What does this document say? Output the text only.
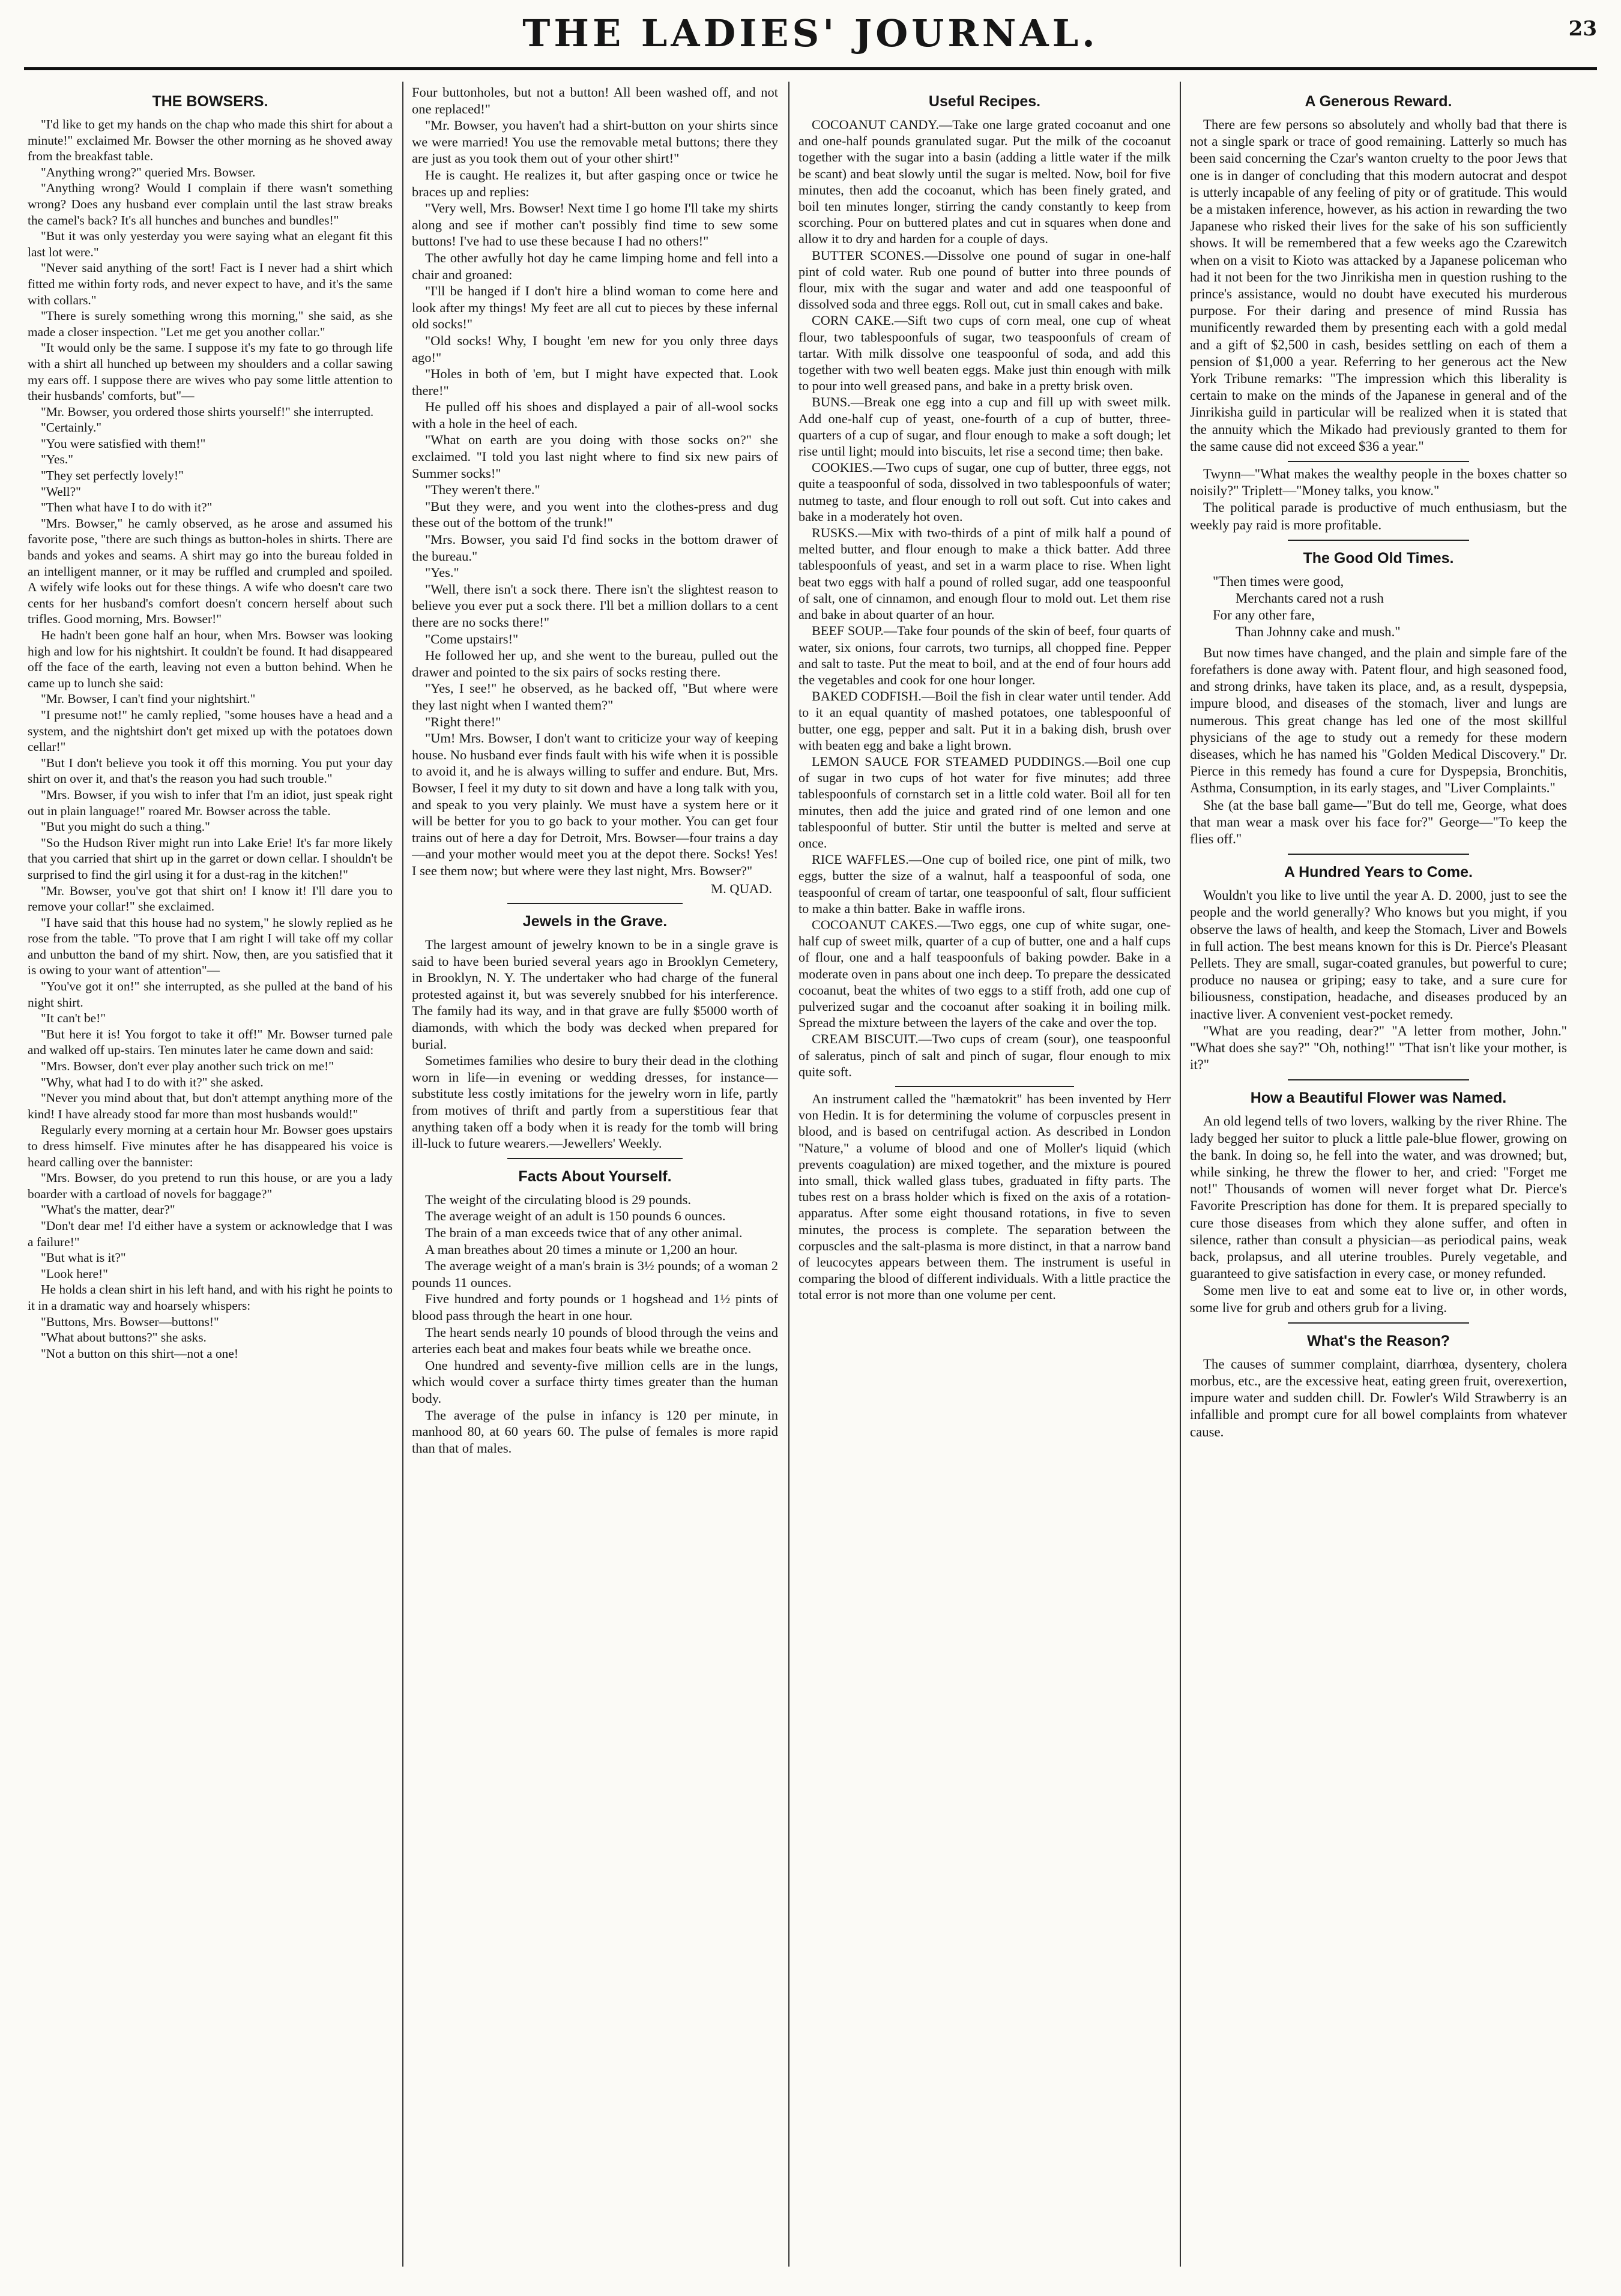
THE LADIES' JOURNAL.	23
THE BOWSERS.

"I'd like to get my hands on the chap who made this shirt for about a minute!" exclaimed Mr. Bowser the other morning as he shoved away from the breakfast table.

"Anything wrong?" queried Mrs. Bowser.

"Anything wrong? Would I complain if there wasn't something wrong? Does any husband ever complain until the last straw breaks the camel's back? It's all hunches and bunches and bundles!"

"But it was only yesterday you were saying what an elegant fit this last lot were."

"Never said anything of the sort! Fact is I never had a shirt which fitted me within forty rods, and never expect to have, and it's the same with collars."

"There is surely something wrong this morning," she said, as she made a closer inspection. "Let me get you another collar."

"It would only be the same. I suppose it's my fate to go through life with a shirt all hunched up between my shoulders and a collar sawing my ears off. I suppose there are wives who pay some little attention to their husbands' comforts, but"—

"Mr. Bowser, you ordered those shirts yourself!" she interrupted.

"Certainly."

"You were satisfied with them!"

"Yes."

"They set perfectly lovely!"

"Well?"

"Then what have I to do with it?"

"Mrs. Bowser," he camly observed, as he arose and assumed his favorite pose, "there are such things as button-holes in shirts. There are bands and yokes and seams. A shirt may go into the bureau folded in an intelligent manner, or it may be ruffled and crumpled and spoiled. A wifely wife looks out for these things. A wife who doesn't care two cents for her husband's comfort doesn't concern herself about such trifles. Good morning, Mrs. Bowser!"

He hadn't been gone half an hour, when Mrs. Bowser was looking high and low for his nightshirt. It couldn't be found. It had disappeared off the face of the earth, leaving not even a button behind. When he came up to lunch she said:

"Mr. Bowser, I can't find your nightshirt."

"I presume not!" he camly replied, "some houses have a head and a system, and the nightshirt don't get mixed up with the potatoes down cellar!"

"But I don't believe you took it off this morning. You put your day shirt on over it, and that's the reason you had such trouble."

"Mrs. Bowser, if you wish to infer that I'm an idiot, just speak right out in plain language!" roared Mr. Bowser across the table.

"But you might do such a thing."

"So the Hudson River might run into Lake Erie! It's far more likely that you carried that shirt up in the garret or down cellar. I shouldn't be surprised to find the girl using it for a dust-rag in the kitchen!"

"Mr. Bowser, you've got that shirt on! I know it! I'll dare you to remove your collar!" she exclaimed.

"I have said that this house had no system," he slowly replied as he rose from the table. "To prove that I am right I will take off my collar and unbutton the band of my shirt. Now, then, are you satisfied that it is owing to your want of attention"—

"You've got it on!" she interrupted, as she pulled at the band of his night shirt.

"It can't be!"

"But here it is! You forgot to take it off!" Mr. Bowser turned pale and walked off up-stairs. Ten minutes later he came down and said:

"Mrs. Bowser, don't ever play another such trick on me!"

"Why, what had I to do with it?" she asked.

"Never you mind about that, but don't attempt anything more of the kind! I have already stood far more than most husbands would!"

Regularly every morning at a certain hour Mr. Bowser goes upstairs to dress himself. Five minutes after he has disappeared his voice is heard calling over the bannister:

"Mrs. Bowser, do you pretend to run this house, or are you a lady boarder with a cartload of novels for baggage?"

"What's the matter, dear?"

"Don't dear me! I'd either have a system or acknowledge that I was a failure!"

"But what is it?"

"Look here!"

He holds a clean shirt in his left hand, and with his right he points to it in a dramatic way and hoarsely whispers:

"Buttons, Mrs. Bowser—buttons!"

"What about buttons?" she asks.

"Not a button on this shirt—not a one!

Four buttonholes, but not a button! All been washed off, and not one replaced!"

"Mr. Bowser, you haven't had a shirt-button on your shirts since we were married! You use the removable metal buttons; there they are just as you took them out of your other shirt!"

He is caught. He realizes it, but after gasping once or twice he braces up and replies:

"Very well, Mrs. Bowser! Next time I go home I'll take my shirts along and see if mother can't possibly find time to sew some buttons! I've had to use these because I had no others!"

The other awfully hot day he came limping home and fell into a chair and groaned:

"I'll be hanged if I don't hire a blind woman to come here and look after my things! My feet are all cut to pieces by these infernal old socks!"

"Old socks! Why, I bought 'em new for you only three days ago!"

"Holes in both of 'em, but I might have expected that. Look there!"

He pulled off his shoes and displayed a pair of all-wool socks with a hole in the heel of each.

"What on earth are you doing with those socks on?" she exclaimed. "I told you last night where to find six new pairs of Summer socks!"

"They weren't there."

"But they were, and you went into the clothes-press and dug these out of the bottom of the trunk!"

"Mrs. Bowser, you said I'd find socks in the bottom drawer of the bureau."

"Yes."

"Well, there isn't a sock there. There isn't the slightest reason to believe you ever put a sock there. I'll bet a million dollars to a cent there are no socks there!"

"Come upstairs!"

He followed her up, and she went to the bureau, pulled out the drawer and pointed to the six pairs of socks resting there.

"Yes, I see!" he observed, as he backed off, "But where were they last night when I wanted them?"

"Right there!"

"Um! Mrs. Bowser, I don't want to criticize your way of keeping house. No husband ever finds fault with his wife when it is possible to avoid it, and he is always willing to suffer and endure. But, Mrs. Bowser, I feel it my duty to sit down and have a long talk with you, and speak to you very plainly. We must have a system here or it will be better for you to go back to your mother. You can get four trains out of here a day for Detroit, Mrs. Bowser—four trains a day—and your mother would meet you at the depot there. Socks! Yes! I see them now; but where were they last night, Mrs. Bowser?"

M. QUAD.

Jewels in the Grave.

The largest amount of jewelry known to be in a single grave is said to have been buried several years ago in Brooklyn Cemetery, in Brooklyn, N. Y. The undertaker who had charge of the funeral protested against it, but was severely snubbed for his interference. The family had its way, and in that grave are fully $5000 worth of diamonds, with which the body was decked when prepared for burial.

Sometimes families who desire to bury their dead in the clothing worn in life—in evening or wedding dresses, for instance—substitute less costly imitations for the jewelry worn in life, partly from motives of thrift and partly from a superstitious fear that anything taken off a body when it is ready for the tomb will bring ill-luck to future wearers.—Jewellers' Weekly.

Facts About Yourself.

The weight of the circulating blood is 29 pounds.

The average weight of an adult is 150 pounds 6 ounces.

The brain of a man exceeds twice that of any other animal.

A man breathes about 20 times a minute or 1,200 an hour.

The average weight of a man's brain is 3½ pounds; of a woman 2 pounds 11 ounces.

Five hundred and forty pounds or 1 hogshead and 1½ pints of blood pass through the heart in one hour.

The heart sends nearly 10 pounds of blood through the veins and arteries each beat and makes four beats while we breathe once.

One hundred and seventy-five million cells are in the lungs, which would cover a surface thirty times greater than the human body.

The average of the pulse in infancy is 120 per minute, in manhood 80, at 60 years 60. The pulse of females is more rapid than that of males.

Useful Recipes.

COCOANUT CANDY.—Take one large grated cocoanut and one and one-half pounds granulated sugar. Put the milk of the cocoanut together with the sugar into a basin (adding a little water if the milk be scant) and beat slowly until the sugar is melted. Now, boil for five minutes, then add the cocoanut, which has been finely grated, and boil ten minutes longer, stirring the candy constantly to keep from scorching. Pour on buttered plates and cut in squares when done and allow it to dry and harden for a couple of days.

BUTTER SCONES.—Dissolve one pound of sugar in one-half pint of cold water. Rub one pound of butter into three pounds of flour, mix with the sugar and water and add one teaspoonful of dissolved soda and three eggs. Roll out, cut in small cakes and bake.

CORN CAKE.—Sift two cups of corn meal, one cup of wheat flour, two tablespoonfuls of sugar, two teaspoonfuls of cream of tartar. With milk dissolve one teaspoonful of soda, and add this together with two well beaten eggs. Make just thin enough with milk to pour into well greased pans, and bake in a pretty brisk oven.

BUNS.—Break one egg into a cup and fill up with sweet milk. Add one-half cup of yeast, one-fourth of a cup of butter, three-quarters of a cup of sugar, and flour enough to make a soft dough; let rise until light; mould into biscuits, let rise a second time; then bake.

COOKIES.—Two cups of sugar, one cup of butter, three eggs, not quite a teaspoonful of soda, dissolved in two tablespoonfuls of water; nutmeg to taste, and flour enough to roll out soft. Cut into cakes and bake in a moderately hot oven.

RUSKS.—Mix with two-thirds of a pint of milk half a pound of melted butter, and flour enough to make a thick batter. Add three tablespoonfuls of yeast, and set in a warm place to rise. When light beat two eggs with half a pound of rolled sugar, add one teaspoonful of salt, one of cinnamon, and enough flour to mold out. Let them rise and bake in about quarter of an hour.

BEEF SOUP.—Take four pounds of the skin of beef, four quarts of water, six onions, four carrots, two turnips, all chopped fine. Pepper and salt to taste. Put the meat to boil, and at the end of four hours add the vegetables and cook for one hour longer.

BAKED CODFISH.—Boil the fish in clear water until tender. Add to it an equal quantity of mashed potatoes, one tablespoonful of butter, one egg, pepper and salt. Put it in a baking dish, brush over with beaten egg and bake a light brown.

LEMON SAUCE FOR STEAMED PUDDINGS.—Boil one cup of sugar in two cups of hot water for five minutes; add three tablespoonfuls of cornstarch set in a little cold water. Boil all for ten minutes, then add the juice and grated rind of one lemon and one tablespoonful of butter. Stir until the butter is melted and serve at once.

RICE WAFFLES.—One cup of boiled rice, one pint of milk, two eggs, butter the size of a walnut, half a teaspoonful of soda, one teaspoonful of cream of tartar, one teaspoonful of salt, flour sufficient to make a thin batter. Bake in waffle irons.

COCOANUT CAKES.—Two eggs, one cup of white sugar, one-half cup of sweet milk, quarter of a cup of butter, one and a half cups of flour, one and a half teaspoonfuls of baking powder. Bake in a moderate oven in pans about one inch deep. To prepare the dessicated cocoanut, beat the whites of two eggs to a stiff froth, add one cup of pulverized sugar and the cocoanut after soaking it in boiling milk. Spread the mixture between the layers of the cake and over the top.

CREAM BISCUIT.—Two cups of cream (sour), one teaspoonful of saleratus, pinch of salt and pinch of sugar, flour enough to mix quite soft.

An instrument called the "hæmatokrit" has been invented by Herr von Hedin. It is for determining the volume of corpuscles present in blood, and is based on centrifugal action. As described in London "Nature," a volume of blood and one of Moller's liquid (which prevents coagulation) are mixed together, and the mixture is poured into small, thick walled glass tubes, graduated in fifty parts. The tubes rest on a brass holder which is fixed on the axis of a rotation-apparatus. After some eight thousand rotations, in five to seven minutes, the process is complete. The separation between the corpuscles and the salt-plasma is more distinct, in that a narrow band of leucocytes appears between them. The instrument is useful in comparing the blood of different individuals. With a little practice the total error is not more than one volume per cent.

A Generous Reward.

There are few persons so absolutely and wholly bad that there is not a single spark or trace of good remaining. Latterly so much has been said concerning the Czar's wanton cruelty to the poor Jews that one is in danger of concluding that this modern autocrat and despot is utterly incapable of any feeling of pity or of gratitude. This would be a mistaken inference, however, as his action in rewarding the two Japanese who risked their lives for the sake of his son sufficiently shows. It will be remembered that a few weeks ago the Czarewitch when on a visit to Kioto was attacked by a Japanese policeman who had it not been for the two Jinrikisha men in question rushing to the prince's assistance, would no doubt have executed his murderous purpose. For their daring and presence of mind Russia has munificently rewarded them by presenting each with a gold medal and a gift of $2,500 in cash, besides settling on each of them a pension of $1,000 a year. Referring to her generous act the New York Tribune remarks: "The impression which this liberality is certain to make on the minds of the Japanese in general and of the Jinrikisha guild in particular will be realized when it is stated that the annuity which the Mikado had previously granted to them for the same cause did not exceed $36 a year."

Twynn—"What makes the wealthy people in the boxes chatter so noisily?" Triplett—"Money talks, you know."

The political parade is productive of much enthusiasm, but the weekly pay raid is more profitable.

The Good Old Times.
"Then times were good,
Merchants cared not a rush
For any other fare,
Than Johnny cake and mush."

But now times have changed, and the plain and simple fare of the forefathers is done away with. Patent flour, and high seasoned food, and strong drinks, have taken its place, and, as a result, dyspepsia, impure blood, and diseases of the stomach, liver and lungs are numerous. This great change has led one of the most skillful physicians of the age to study out a remedy for these modern diseases, which he has named his "Golden Medical Discovery." Dr. Pierce in this remedy has found a cure for Dyspepsia, Bronchitis, Asthma, Consumption, in its early stages, and "Liver Complaints."

She (at the base ball game—"But do tell me, George, what does that man wear a mask over his face for?" George—"To keep the flies off."

A Hundred Years to Come.

Wouldn't you like to live until the year A. D. 2000, just to see the people and the world generally? Who knows but you might, if you observe the laws of health, and keep the Stomach, Liver and Bowels in full action. The best means known for this is Dr. Pierce's Pleasant Pellets. They are small, sugar-coated granules, but powerful to cure; produce no nausea or griping; easy to take, and a sure cure for biliousness, constipation, headache, and diseases produced by an inactive liver. A convenient vest-pocket remedy.

"What are you reading, dear?" "A letter from mother, John." "What does she say?" "Oh, nothing!" "That isn't like your mother, is it?"

How a Beautiful Flower was Named.

An old legend tells of two lovers, walking by the river Rhine. The lady begged her suitor to pluck a little pale-blue flower, growing on the bank. In doing so, he fell into the water, and was drowned; but, while sinking, he threw the flower to her, and cried: "Forget me not!" Thousands of women will never forget what Dr. Pierce's Favorite Prescription has done for them. It is prepared specially to cure those diseases from which they alone suffer, and often in silence, rather than consult a physician—as periodical pains, weak back, prolapsus, and all uterine troubles. Purely vegetable, and guaranteed to give satisfaction in every case, or money refunded.

Some men live to eat and some eat to live or, in other words, some live for grub and others grub for a living.

What's the Reason?

The causes of summer complaint, diarrhœa, dysentery, cholera morbus, etc., are the excessive heat, eating green fruit, overexertion, impure water and sudden chill. Dr. Fowler's Wild Strawberry is an infallible and prompt cure for all bowel complaints from whatever cause.
